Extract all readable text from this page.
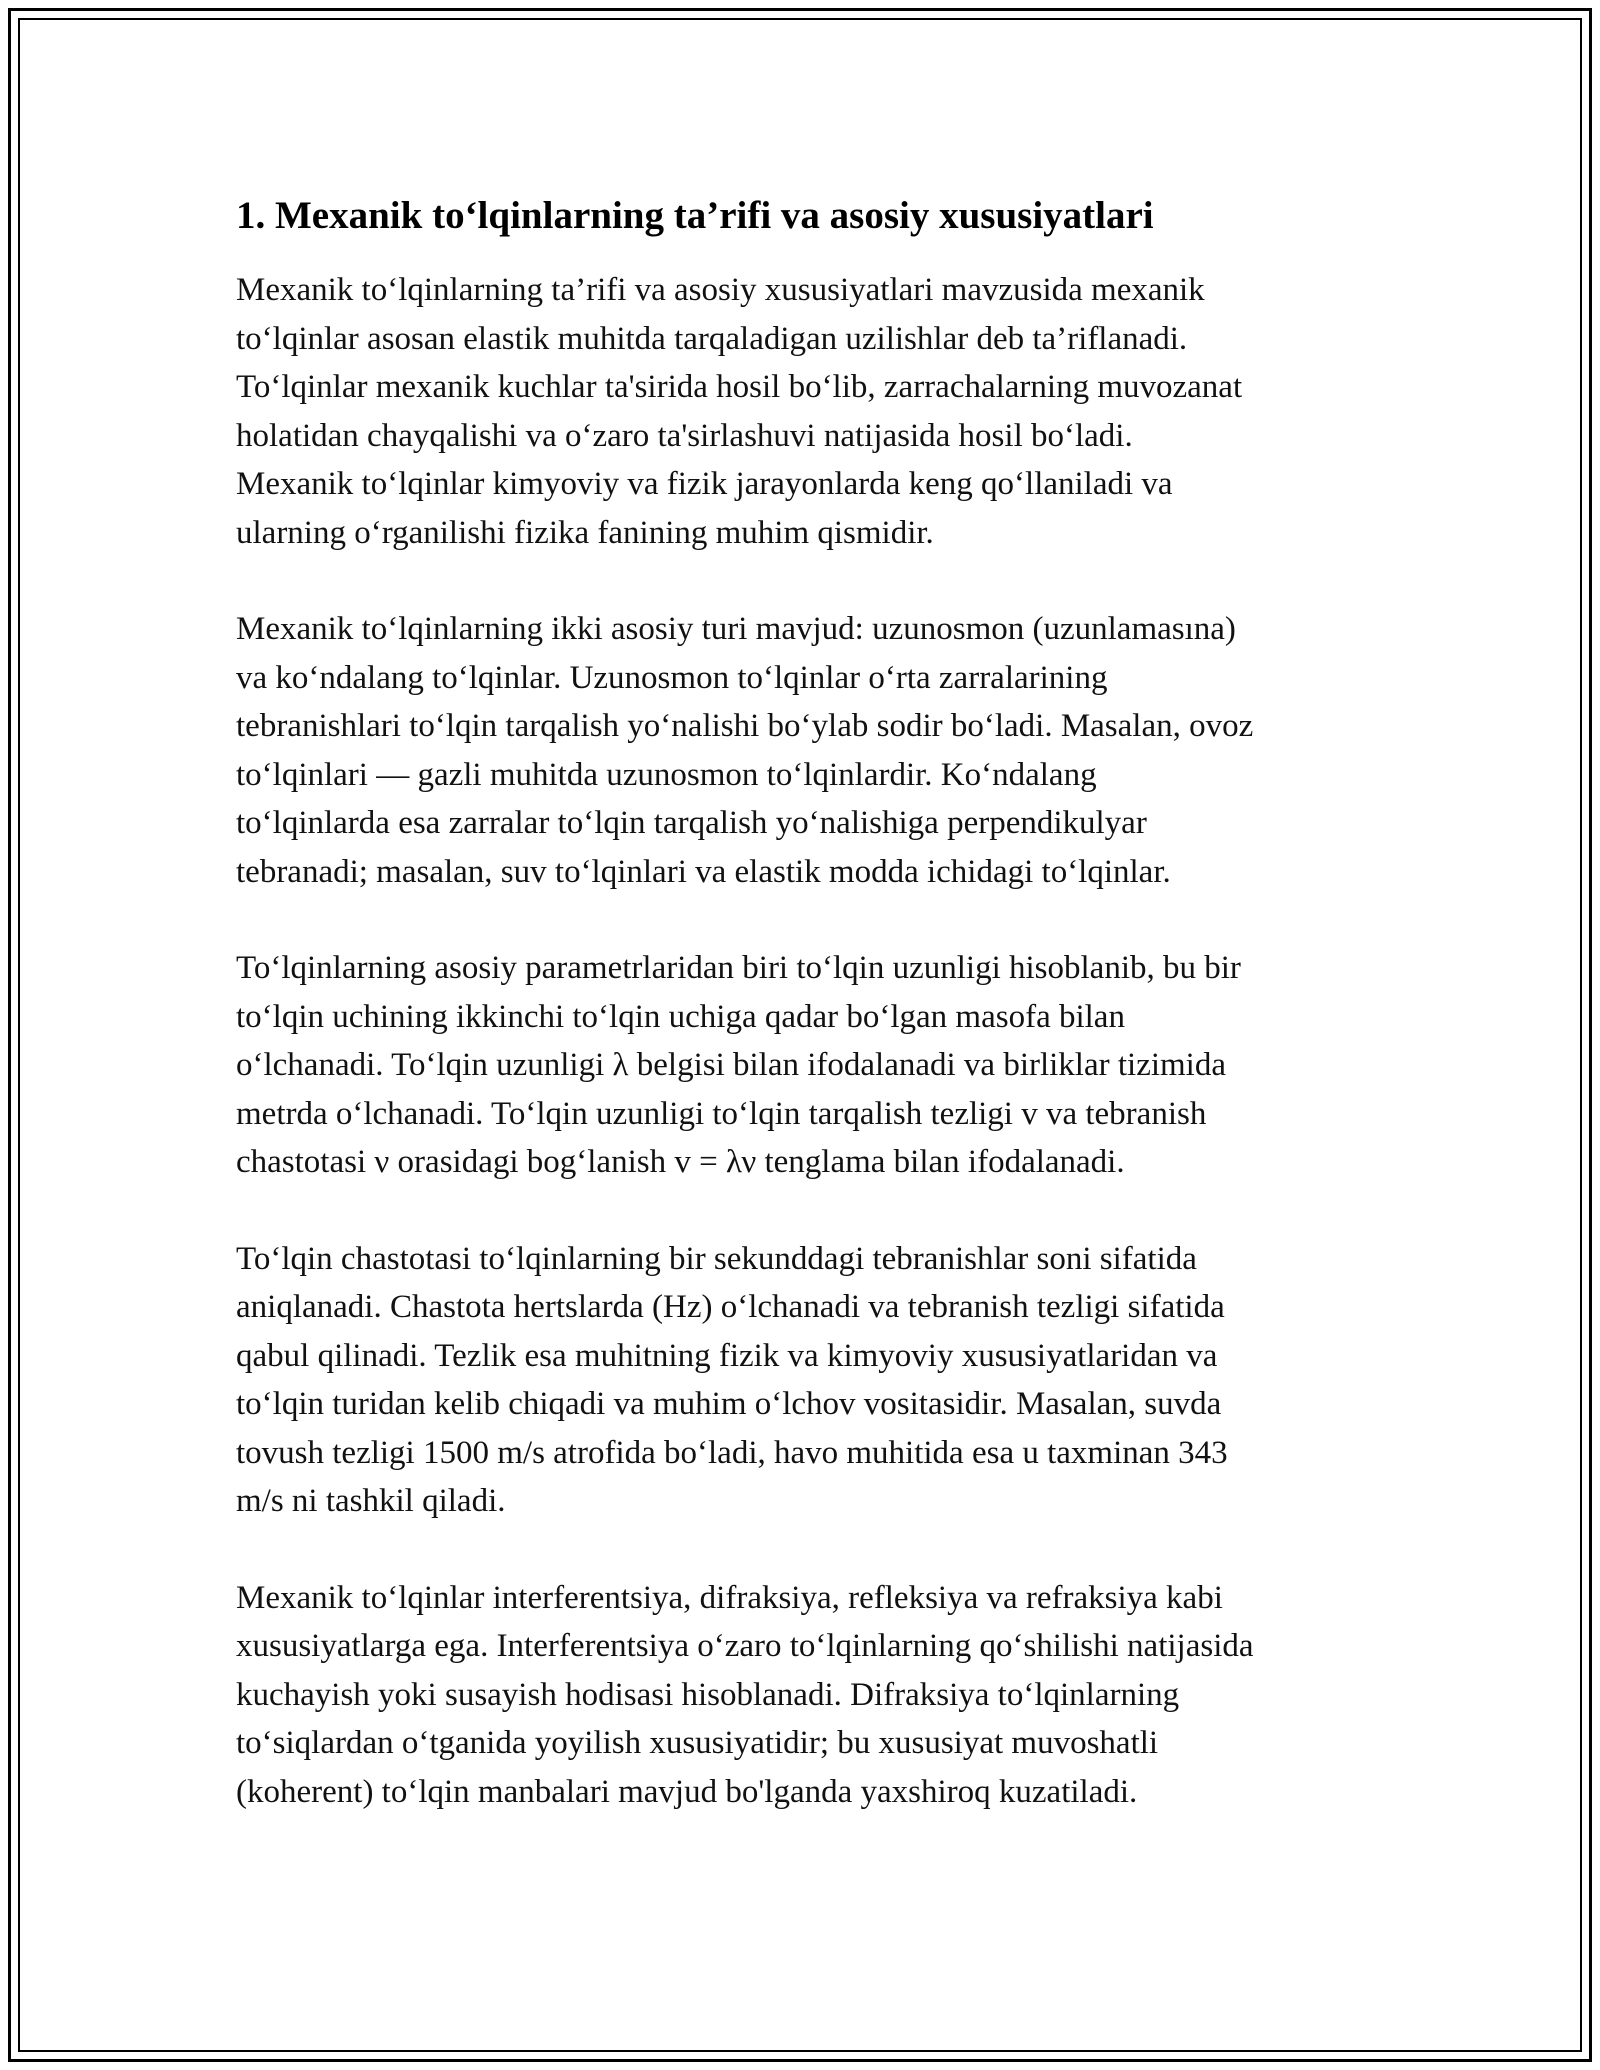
1. Mexanik to‘lqinlarning ta’rifi va asosiy xususiyatlari

Mexanik to‘lqinlarning ta’rifi va asosiy xususiyatlari mavzusida mexanik
to‘lqinlar asosan elastik muhitda tarqaladigan uzilishlar deb ta’riflanadi.
To‘lqinlar mexanik kuchlar ta'sirida hosil bo‘lib, zarrachalarning muvozanat
holatidan chayqalishi va o‘zaro ta'sirlashuvi natijasida hosil bo‘ladi.
Mexanik to‘lqinlar kimyoviy va fizik jarayonlarda keng qo‘llaniladi va
ularning o‘rganilishi fizika fanining muhim qismidir.

Mexanik to‘lqinlarning ikki asosiy turi mavjud: uzunosmon (uzunlamasına)
va ko‘ndalang to‘lqinlar. Uzunosmon to‘lqinlar o‘rta zarralarining
tebranishlari to‘lqin tarqalish yo‘nalishi bo‘ylab sodir bo‘ladi. Masalan, ovoz
to‘lqinlari — gazli muhitda uzunosmon to‘lqinlardir. Ko‘ndalang
to‘lqinlarda esa zarralar to‘lqin tarqalish yo‘nalishiga perpendikulyar
tebranadi; masalan, suv to‘lqinlari va elastik modda ichidagi to‘lqinlar.

To‘lqinlarning asosiy parametrlaridan biri to‘lqin uzunligi hisoblanib, bu bir
to‘lqin uchining ikkinchi to‘lqin uchiga qadar bo‘lgan masofa bilan
o‘lchanadi. To‘lqin uzunligi λ belgisi bilan ifodalanadi va birliklar tizimida
metrda o‘lchanadi. To‘lqin uzunligi to‘lqin tarqalish tezligi v va tebranish
chastotasi ν orasidagi bog‘lanish v = λν tenglama bilan ifodalanadi.

To‘lqin chastotasi to‘lqinlarning bir sekunddagi tebranishlar soni sifatida
aniqlanadi. Chastota hertslarda (Hz) o‘lchanadi va tebranish tezligi sifatida
qabul qilinadi. Tezlik esa muhitning fizik va kimyoviy xususiyatlaridan va
to‘lqin turidan kelib chiqadi va muhim o‘lchov vositasidir. Masalan, suvda
tovush tezligi 1500 m/s atrofida bo‘ladi, havo muhitida esa u taxminan 343
m/s ni tashkil qiladi.

Mexanik to‘lqinlar interferentsiya, difraksiya, refleksiya va refraksiya kabi
xususiyatlarga ega. Interferentsiya o‘zaro to‘lqinlarning qo‘shilishi natijasida
kuchayish yoki susayish hodisasi hisoblanadi. Difraksiya to‘lqinlarning
to‘siqlardan o‘tganida yoyilish xususiyatidir; bu xususiyat muvoshatli
(koherent) to‘lqin manbalari mavjud bo'lganda yaxshiroq kuzatiladi.
